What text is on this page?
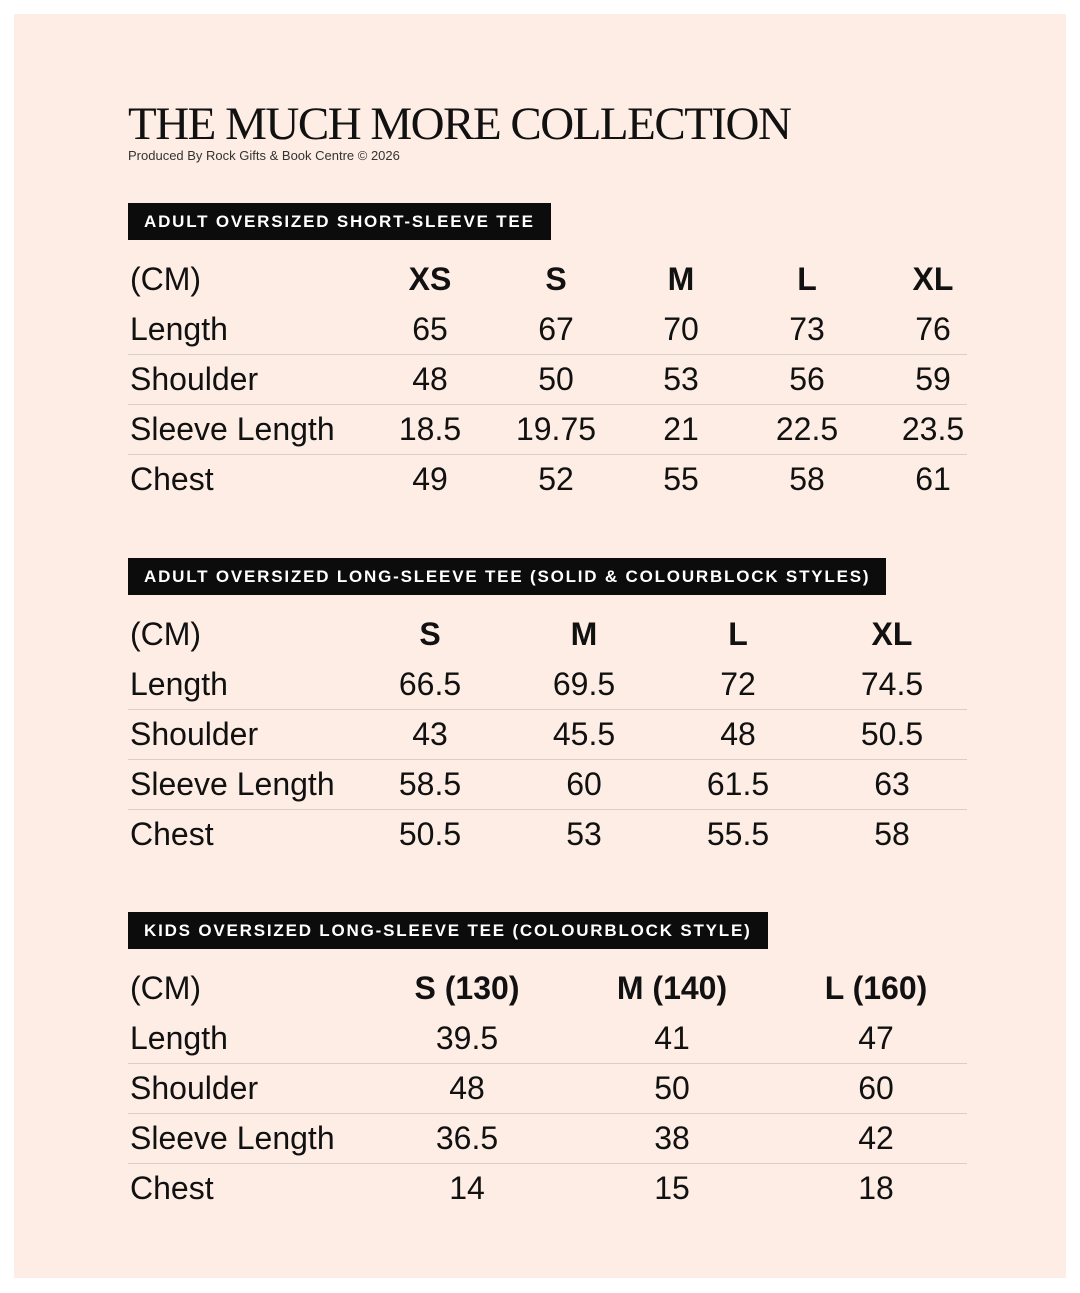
THE MUCH MORE COLLECTION
Produced By Rock Gifts & Book Centre © 2026
ADULT OVERSIZED SHORT-SLEEVE TEE
(CM)	XS	S	M	L	XL
Length	65	67	70	73	76
Shoulder	48	50	53	56	59
Sleeve Length 18.5 19.75 21 22.5 23.5
Chest	49	52	55	58	61
ADULT OVERSIZED LONG-SLEEVE TEE (SOLID & COLOURBLOCK STYLES)
(CM)	S	M	L	XL
Length	66.5	69.5	72	74.5
Shoulder	43	45.5	48	50.5
Sleeve Length 58.5	60	61.5	63
Chest	50.5	53	55.5	58
KIDS OVERSIZED LONG-SLEEVE TEE (COLOURBLOCK STYLE)
(CM)	S (130)	M (140)	L (160)
Length	39.5	41	47
Shoulder	48	50	60
Sleeve Length	36.5	38	42
Chest	14	15	18
